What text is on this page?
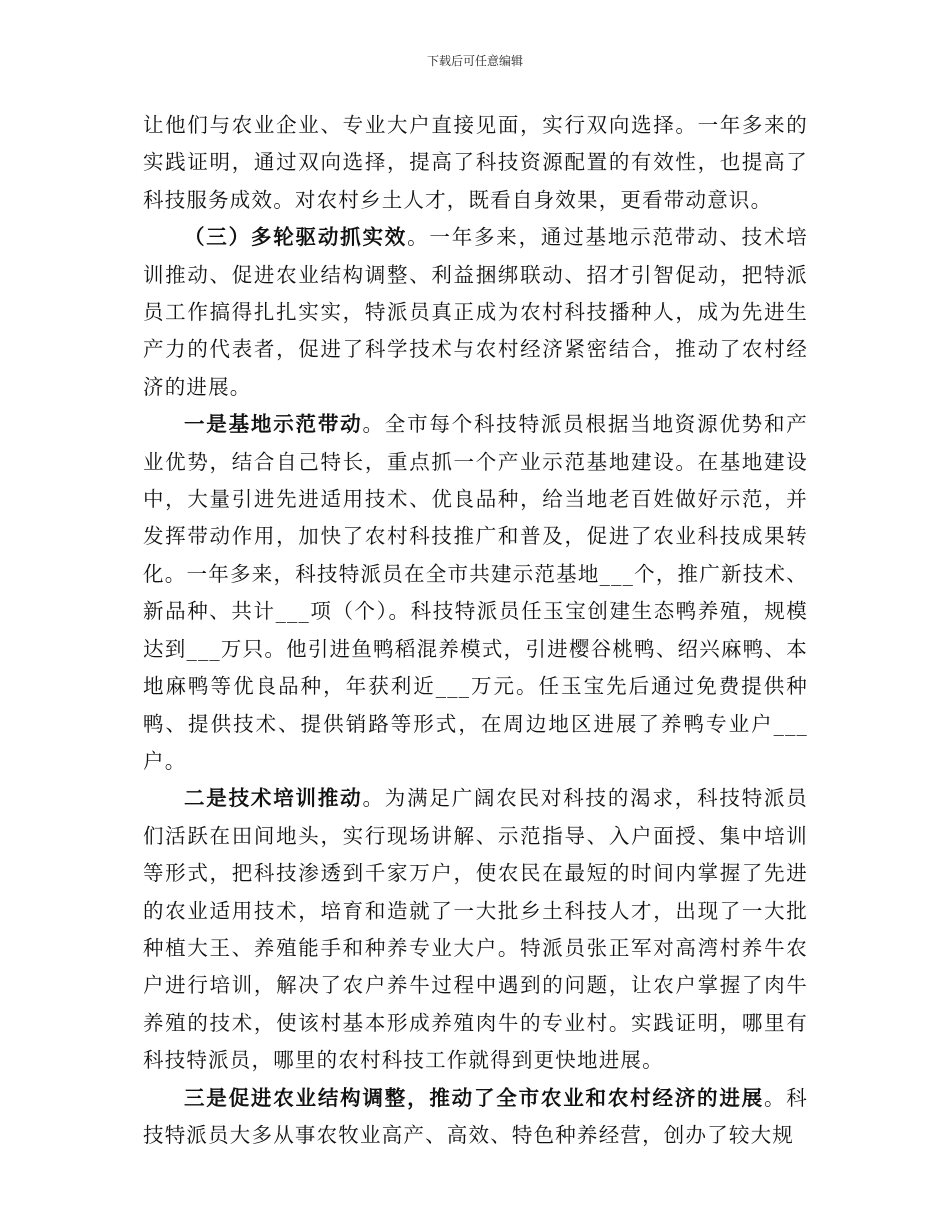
下载后可任意编辑

让他们与农业企业、专业大户直接见面，实行双向选择。一年多来的实践证明，通过双向选择，提高了科技资源配置的有效性，也提高了科技服务成效。对农村乡土人才，既看自身效果，更看带动意识。

（三）多轮驱动抓实效。一年多来，通过基地示范带动、技术培训推动、促进农业结构调整、利益捆绑联动、招才引智促动，把特派员工作搞得扎扎实实，特派员真正成为农村科技播种人，成为先进生产力的代表者，促进了科学技术与农村经济紧密结合，推动了农村经济的进展。

一是基地示范带动。全市每个科技特派员根据当地资源优势和产业优势，结合自己特长，重点抓一个产业示范基地建设。在基地建设中，大量引进先进适用技术、优良品种，给当地老百姓做好示范，并发挥带动作用，加快了农村科技推广和普及，促进了农业科技成果转化。一年多来，科技特派员在全市共建示范基地___个，推广新技术、新品种、共计___项（个）。科技特派员任玉宝创建生态鸭养殖，规模达到___万只。他引进鱼鸭稻混养模式，引进樱谷桃鸭、绍兴麻鸭、本地麻鸭等优良品种，年获利近___万元。任玉宝先后通过免费提供种鸭、提供技术、提供销路等形式，在周边地区进展了养鸭专业户___户。

二是技术培训推动。为满足广阔农民对科技的渴求，科技特派员们活跃在田间地头，实行现场讲解、示范指导、入户面授、集中培训等形式，把科技渗透到千家万户，使农民在最短的时间内掌握了先进的农业适用技术，培育和造就了一大批乡土科技人才，出现了一大批种植大王、养殖能手和种养专业大户。特派员张正军对高湾村养牛农户进行培训，解决了农户养牛过程中遇到的问题，让农户掌握了肉牛养殖的技术，使该村基本形成养殖肉牛的专业村。实践证明，哪里有科技特派员，哪里的农村科技工作就得到更快地进展。

三是促进农业结构调整，推动了全市农业和农村经济的进展。科技特派员大多从事农牧业高产、高效、特色种养经营，创办了较大规
